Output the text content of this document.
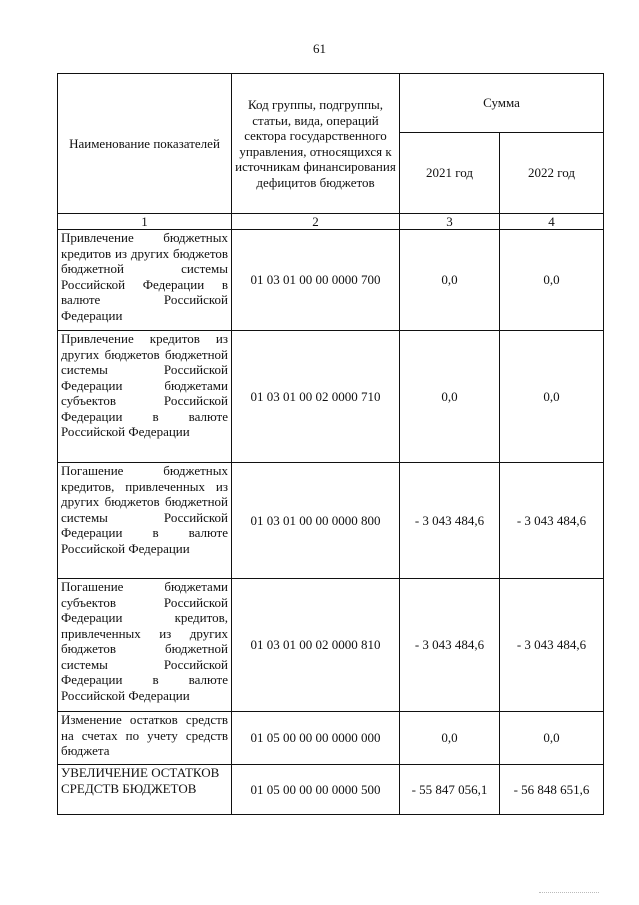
61
Наименование показателей	Код группы, подгруппы, статьи, вида, операций сектора государственного управления, относящихся к источникам финансирования дефицитов бюджетов	Сумма	
		2021 год	2022 год
1	2	3	4
Привлечение бюджетных кредитов из других бюджетов бюджетной системы Российской Федерации в валюте Российской Федерации	01 03 01 00 00 0000 700	0,0	0,0
Привлечение кредитов из других бюджетов бюджетной системы Российской Федерации бюджетами субъектов Российской Федерации в валюте Российской Федерации	01 03 01 00 02 0000 710	0,0	0,0
Погашение бюджетных кредитов, привлеченных из других бюджетов бюджетной системы Российской Федерации в валюте Российской Федерации	01 03 01 00 00 0000 800	- 3 043 484,6	- 3 043 484,6
Погашение бюджетами субъектов Российской Федерации кредитов, привлеченных из других бюджетов бюджетной системы Российской Федерации в валюте Российской Федерации	01 03 01 00 02 0000 810	- 3 043 484,6	- 3 043 484,6
Изменение остатков средств на счетах по учету средств бюджета	01 05 00 00 00 0000 000	0,0	0,0
УВЕЛИЧЕНИЕ ОСТАТКОВ СРЕДСТВ БЮДЖЕТОВ	01 05 00 00 00 0000 500	- 55 847 056,1	- 56 848 651,6
